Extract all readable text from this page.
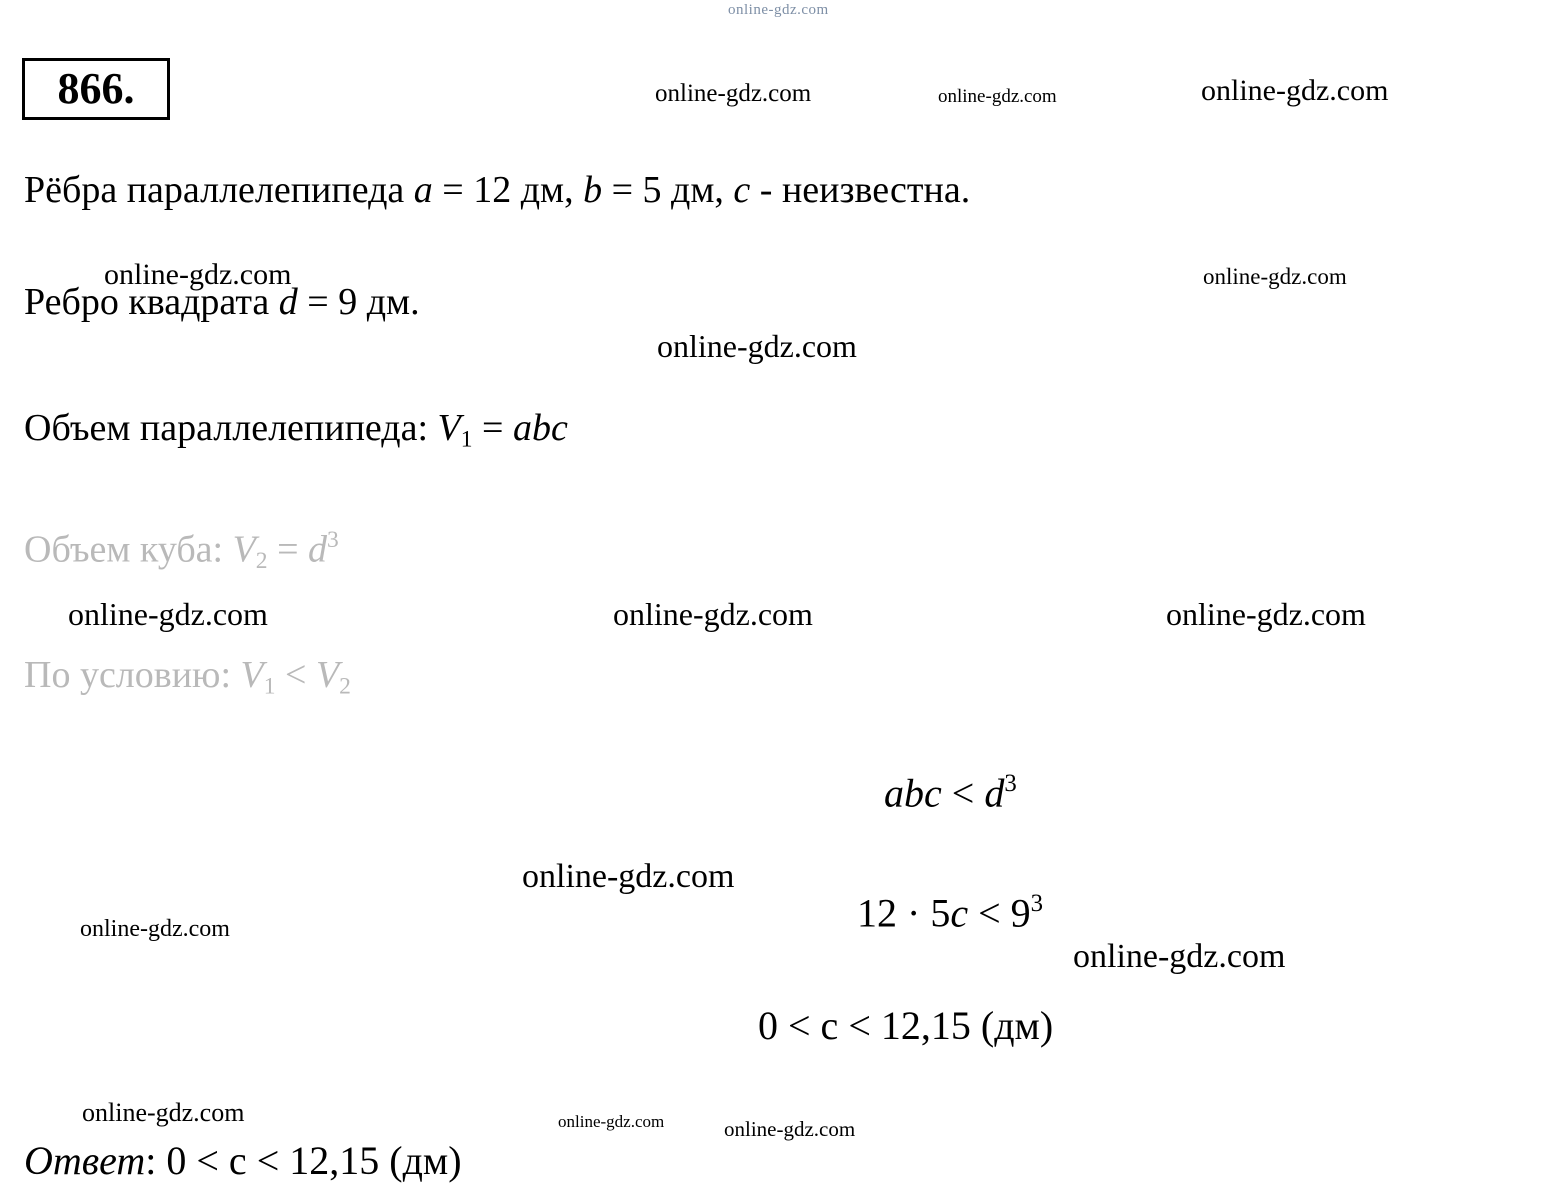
online-gdz.com
online-gdz.com	online-gdz.com	online-gdz.com
866.
Рёбра параллелепипеда a = 12 дм, b = 5 дм, c - неизвестна.
online-gdz.com	online-gdz.com
Ребро квадрата d = 9 дм.
online-gdz.com
Объем параллелепипеда: $V_1$ = abc
Объем куба: $V_2 = d^3$
online-gdz.com	online-gdz.com	online-gdz.com
По условию: $V_1 < V_2$
abc < $d^3$
online-gdz.com
online-gdz.com	$12 \cdot 5c < 9^3$
online-gdz.com
0 < c < 12,15 (дм)
online-gdz.com	online-gdz.com	online-gdz.com
Ответ: 0 < c < 12,15 (дм)
